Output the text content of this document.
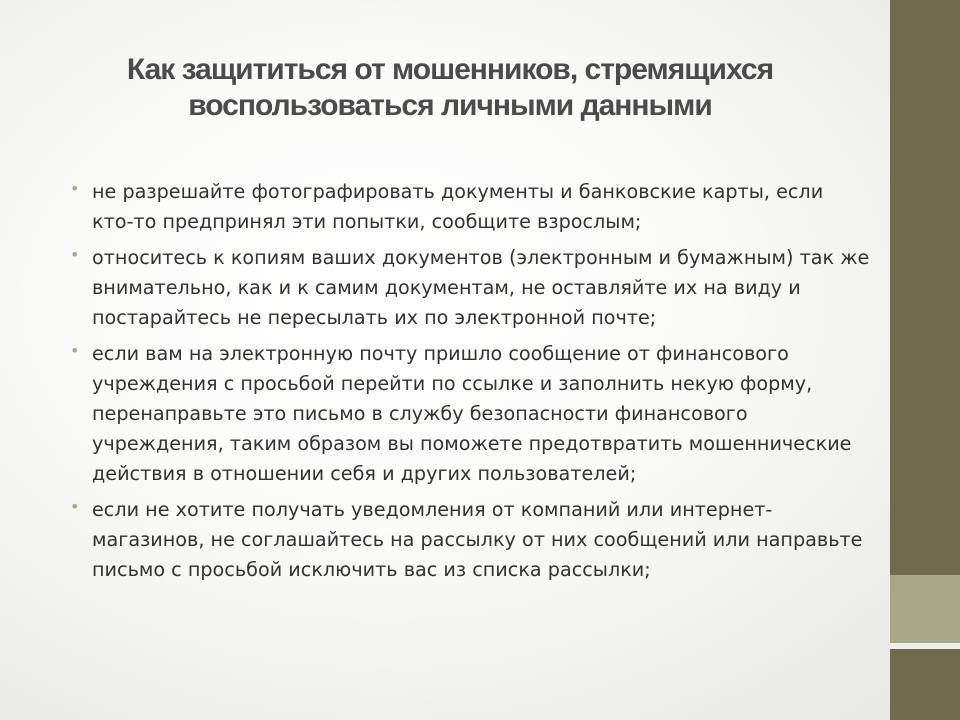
Как защититься от мошенников, стремящихся воспользоваться личными данными
• не разрешайте фотографировать документы и банковские карты, если кто-то предпринял эти попытки, сообщите взрослым;
• относитесь к копиям ваших документов (электронным и бумажным) так же внимательно, как и к самим документам, не оставляйте их на виду и постарайтесь не пересылать их по электронной почте;
• если вам на электронную почту пришло сообщение от финансового учреждения с просьбой перейти по ссылке и заполнить некую форму, перенаправьте это письмо в службу безопасности финансового учреждения, таким образом вы поможете предотвратить мошеннические действия в отношении себя и других пользователей;
• если не хотите получать уведомления от компаний или интернет-магазинов, не соглашайтесь на рассылку от них сообщений или направьте письмо с просьбой исключить вас из списка рассылки;
